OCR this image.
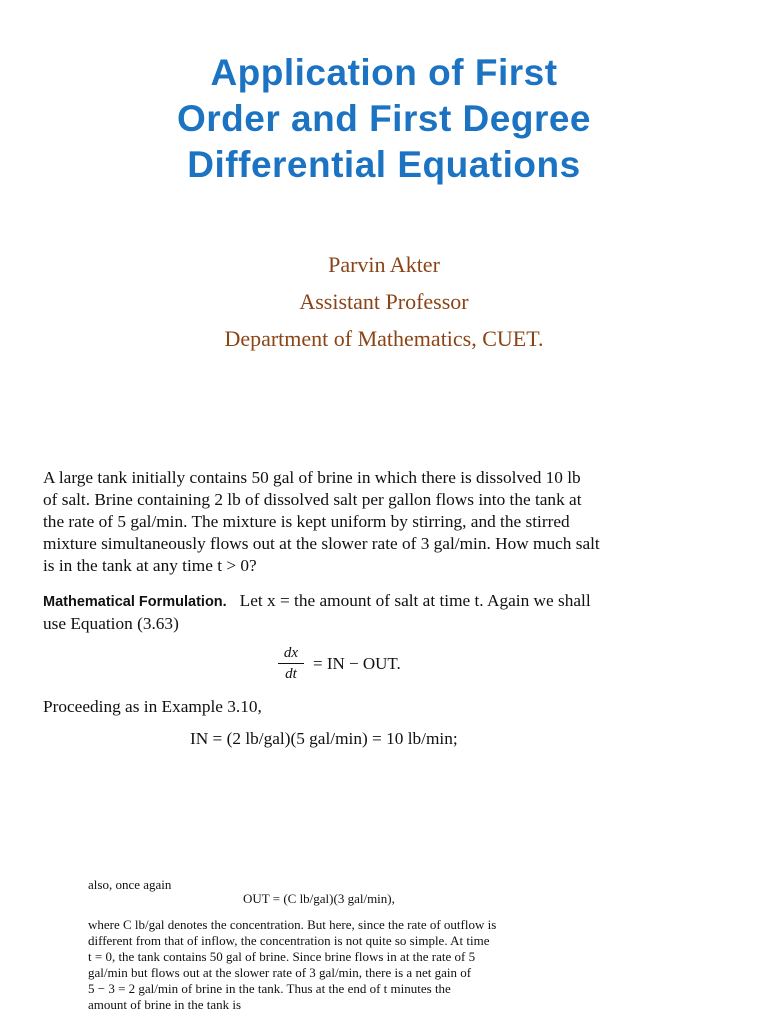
Application of First
Order and First Degree
Differential Equations
Parvin Akter
Assistant Professor
Department of Mathematics, CUET.
A large tank initially contains 50 gal of brine in which there is dissolved 10 lb
of salt. Brine containing 2 lb of dissolved salt per gallon flows into the tank at
the rate of 5 gal/min. The mixture is kept uniform by stirring, and the stirred
mixture simultaneously flows out at the slower rate of 3 gal/min. How much salt
is in the tank at any time t > 0?
Mathematical Formulation. Let x = the amount of salt at time t. Again we shall
use Equation (3.63)
$\frac{dx}{dt}$ = IN − OUT.
Proceeding as in Example 3.10,
IN = (2 lb/gal)(5 gal/min) = 10 lb/min;
also, once again
OUT = (C lb/gal)(3 gal/min),
where C lb/gal denotes the concentration. But here, since the rate of outflow is
different from that of inflow, the concentration is not quite so simple. At time
t = 0, the tank contains 50 gal of brine. Since brine flows in at the rate of 5
gal/min but flows out at the slower rate of 3 gal/min, there is a net gain of
5 − 3 = 2 gal/min of brine in the tank. Thus at the end of t minutes the
amount of brine in the tank is
